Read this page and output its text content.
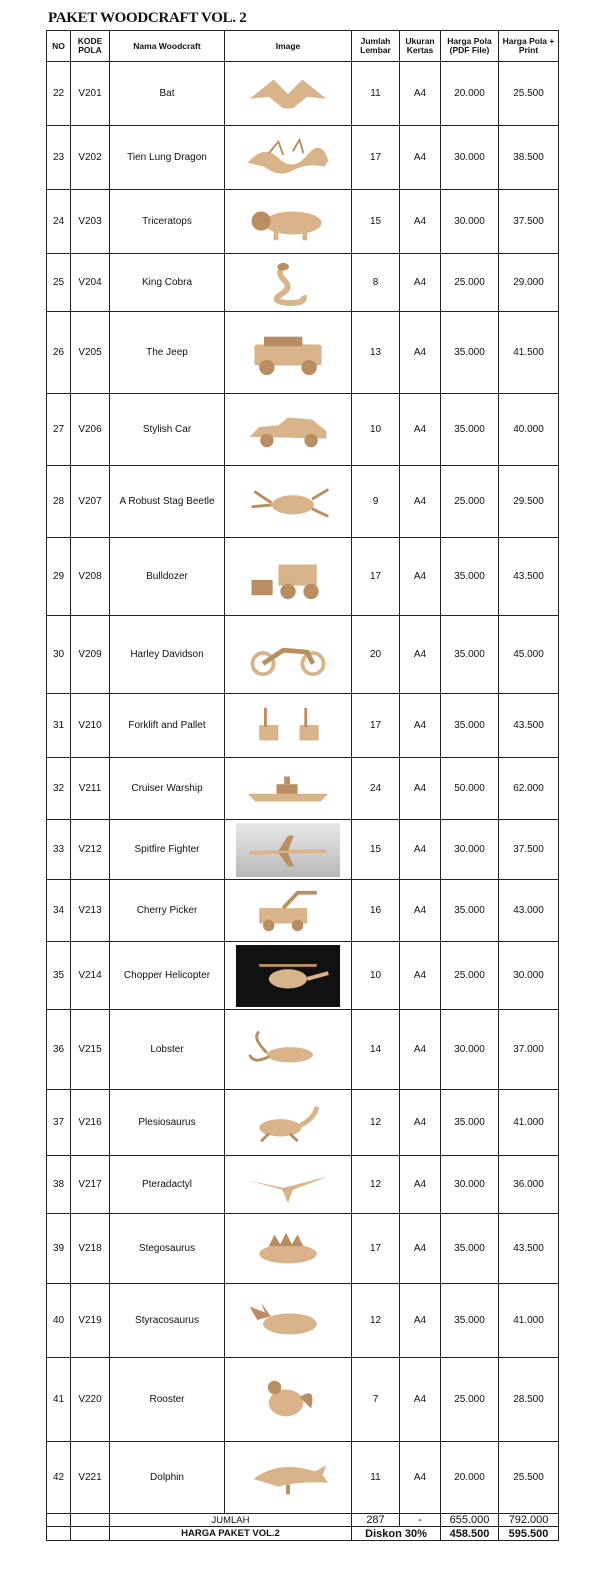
PAKET WOODCRAFT VOL. 2
NO	KODE POLA	Nama Woodcraft	Image	Jumlah Lembar	Ukuran Kertas	Harga Pola (PDF File)	Harga Pola + Print
22	V201	Bat		11	A4	20.000	25.500
23	V202	Tien Lung Dragon		17	A4	30.000	38.500
24	V203	Triceratops		15	A4	30.000	37.500
25	V204	King Cobra		8	A4	25.000	29.000
26	V205	The Jeep		13	A4	35.000	41.500
27	V206	Stylish Car		10	A4	35.000	40.000
28	V207	A Robust Stag Beetle		9	A4	25.000	29.500
29	V208	Bulldozer		17	A4	35.000	43.500
30	V209	Harley Davidson		20	A4	35.000	45.000
31	V210	Forklift and Pallet		17	A4	35.000	43.500
32	V211	Cruiser Warship		24	A4	50.000	62.000
33	V212	Spitfire Fighter		15	A4	30.000	37.500
34	V213	Cherry Picker		16	A4	35.000	43.000
35	V214	Chopper Helicopter		10	A4	25.000	30.000
36	V215	Lobster		14	A4	30.000	37.000
37	V216	Plesiosaurus		12	A4	35.000	41.000
38	V217	Pteradactyl		12	A4	30.000	36.000
39	V218	Stegosaurus		17	A4	35.000	43.500
40	V219	Styracosaurus		12	A4	35.000	41.000
41	V220	Rooster		7	A4	25.000	28.500
42	V221	Dolphin		11	A4	20.000	25.500
		JUMLAH		287	-	655.000	792.000
		HARGA PAKET VOL.2		Diskon 30%		458.500	595.500
